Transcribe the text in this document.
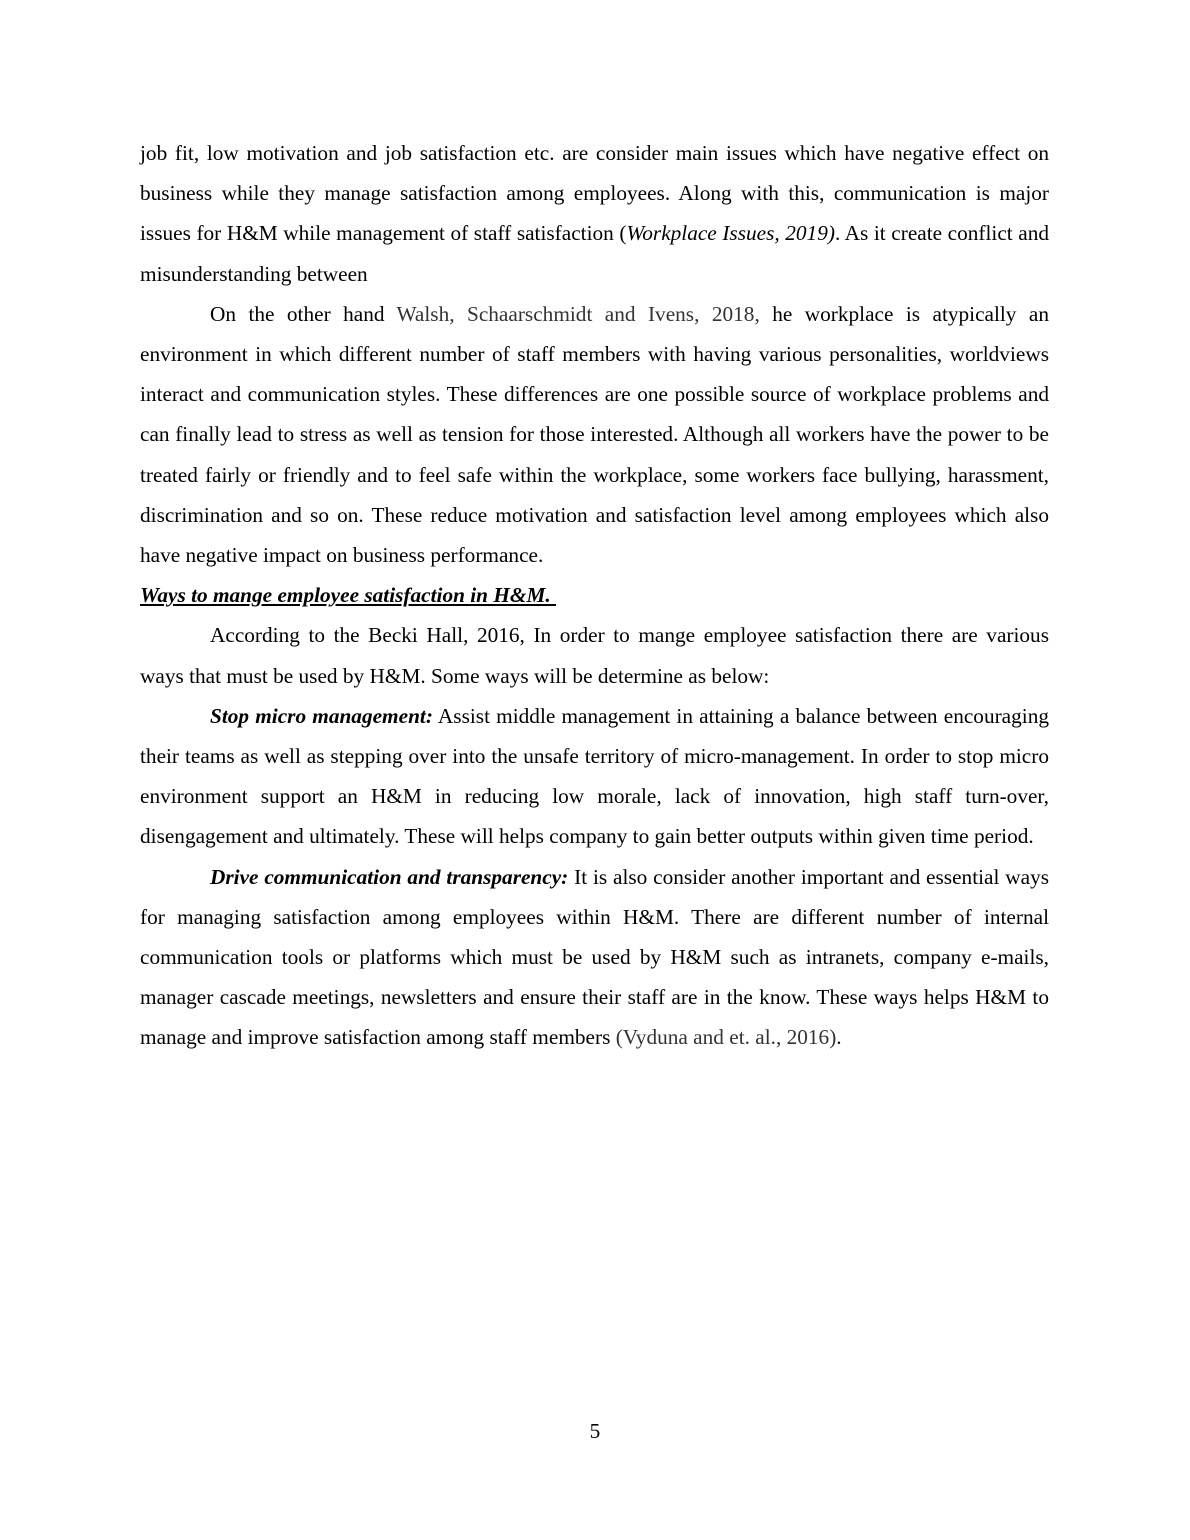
job fit, low motivation and job satisfaction etc. are consider main issues which have negative effect on business while they manage satisfaction among employees. Along with this, communication is major issues for H&M while management of staff satisfaction (Workplace Issues, 2019). As it create conflict and misunderstanding between

On the other hand Walsh, Schaarschmidt and Ivens, 2018, he workplace is atypically an environment in which different number of staff members with having various personalities, worldviews interact and communication styles. These differences are one possible source of workplace problems and can finally lead to stress as well as tension for those interested. Although all workers have the power to be treated fairly or friendly and to feel safe within the workplace, some workers face bullying, harassment, discrimination and so on. These reduce motivation and satisfaction level among employees which also have negative impact on business performance.

Ways to mange employee satisfaction in H&M.

According to the Becki Hall, 2016, In order to mange employee satisfaction there are various ways that must be used by H&M. Some ways will be determine as below:

Stop micro management: Assist middle management in attaining a balance between encouraging their teams as well as stepping over into the unsafe territory of micro-management. In order to stop micro environment support an H&M in reducing low morale, lack of innovation, high staff turn-over, disengagement and ultimately. These will helps company to gain better outputs within given time period.

Drive communication and transparency: It is also consider another important and essential ways for managing satisfaction among employees within H&M. There are different number of internal communication tools or platforms which must be used by H&M such as intranets, company e-mails, manager cascade meetings, newsletters and ensure their staff are in the know. These ways helps H&M to manage and improve satisfaction among staff members (Vyduna and et. al., 2016).

5
